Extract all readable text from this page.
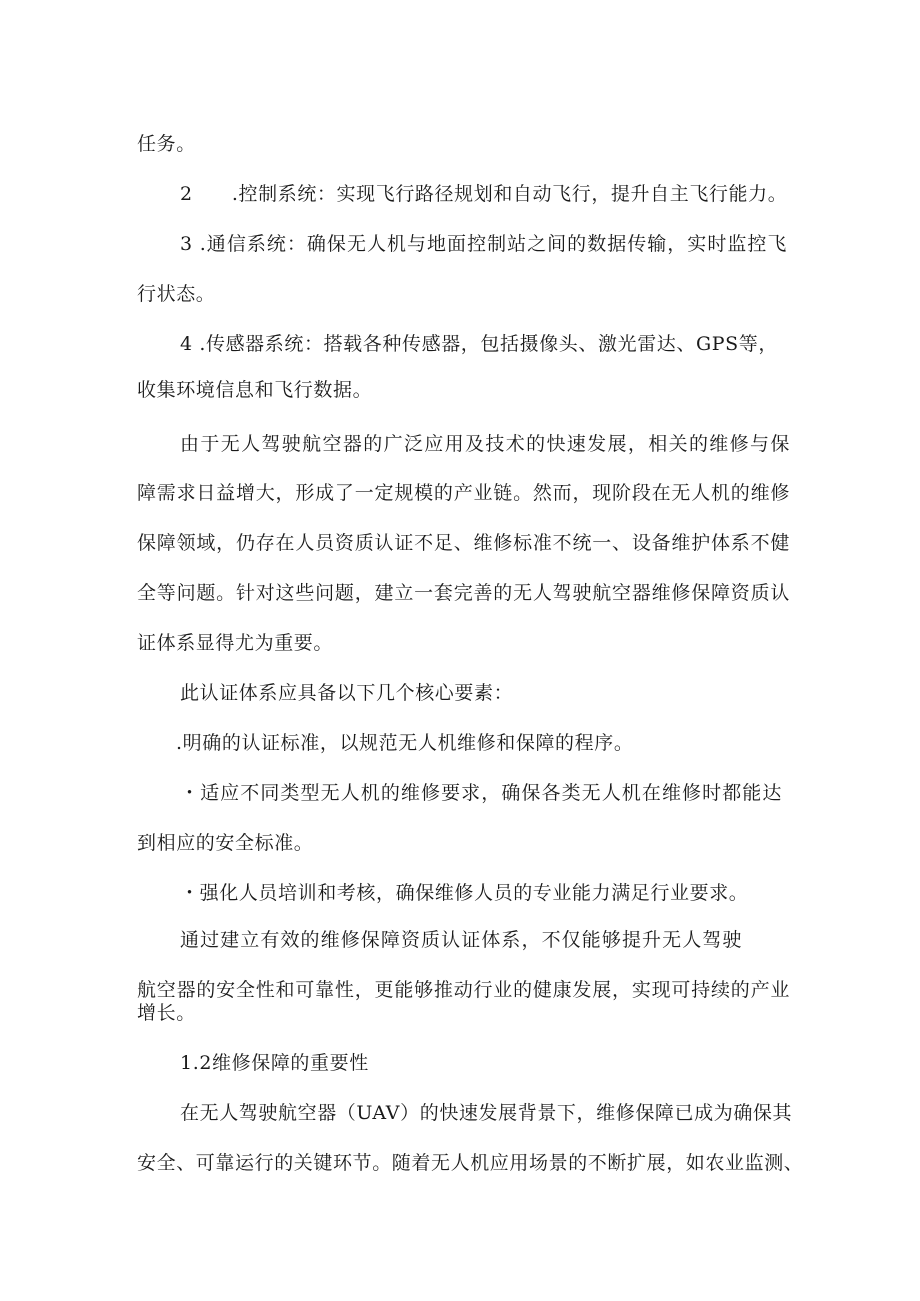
任务。
2　　.控制系统：实现飞行路径规划和自动飞行，提升自主飞行能力。
3 .通信系统：确保无人机与地面控制站之间的数据传输，实时监控飞
行状态。
4 .传感器系统：搭载各种传感器，包括摄像头、激光雷达、GPS等，
收集环境信息和飞行数据。
由于无人驾驶航空器的广泛应用及技术的快速发展，相关的维修与保
障需求日益增大，形成了一定规模的产业链。然而，现阶段在无人机的维修
保障领域，仍存在人员资质认证不足、维修标准不统一、设备维护体系不健
全等问题。针对这些问题，建立一套完善的无人驾驶航空器维修保障资质认
证体系显得尤为重要。
此认证体系应具备以下几个核心要素：
.明确的认证标准，以规范无人机维修和保障的程序。
・适应不同类型无人机的维修要求，确保各类无人机在维修时都能达
到相应的安全标准。
・强化人员培训和考核，确保维修人员的专业能力满足行业要求。
通过建立有效的维修保障资质认证体系，不仅能够提升无人驾驶
航空器的安全性和可靠性，更能够推动行业的健康发展，实现可持续的产业
增长。
1.2维修保障的重要性
在无人驾驶航空器（UAV）的快速发展背景下，维修保障已成为确保其
安全、可靠运行的关键环节。随着无人机应用场景的不断扩展，如农业监测、
